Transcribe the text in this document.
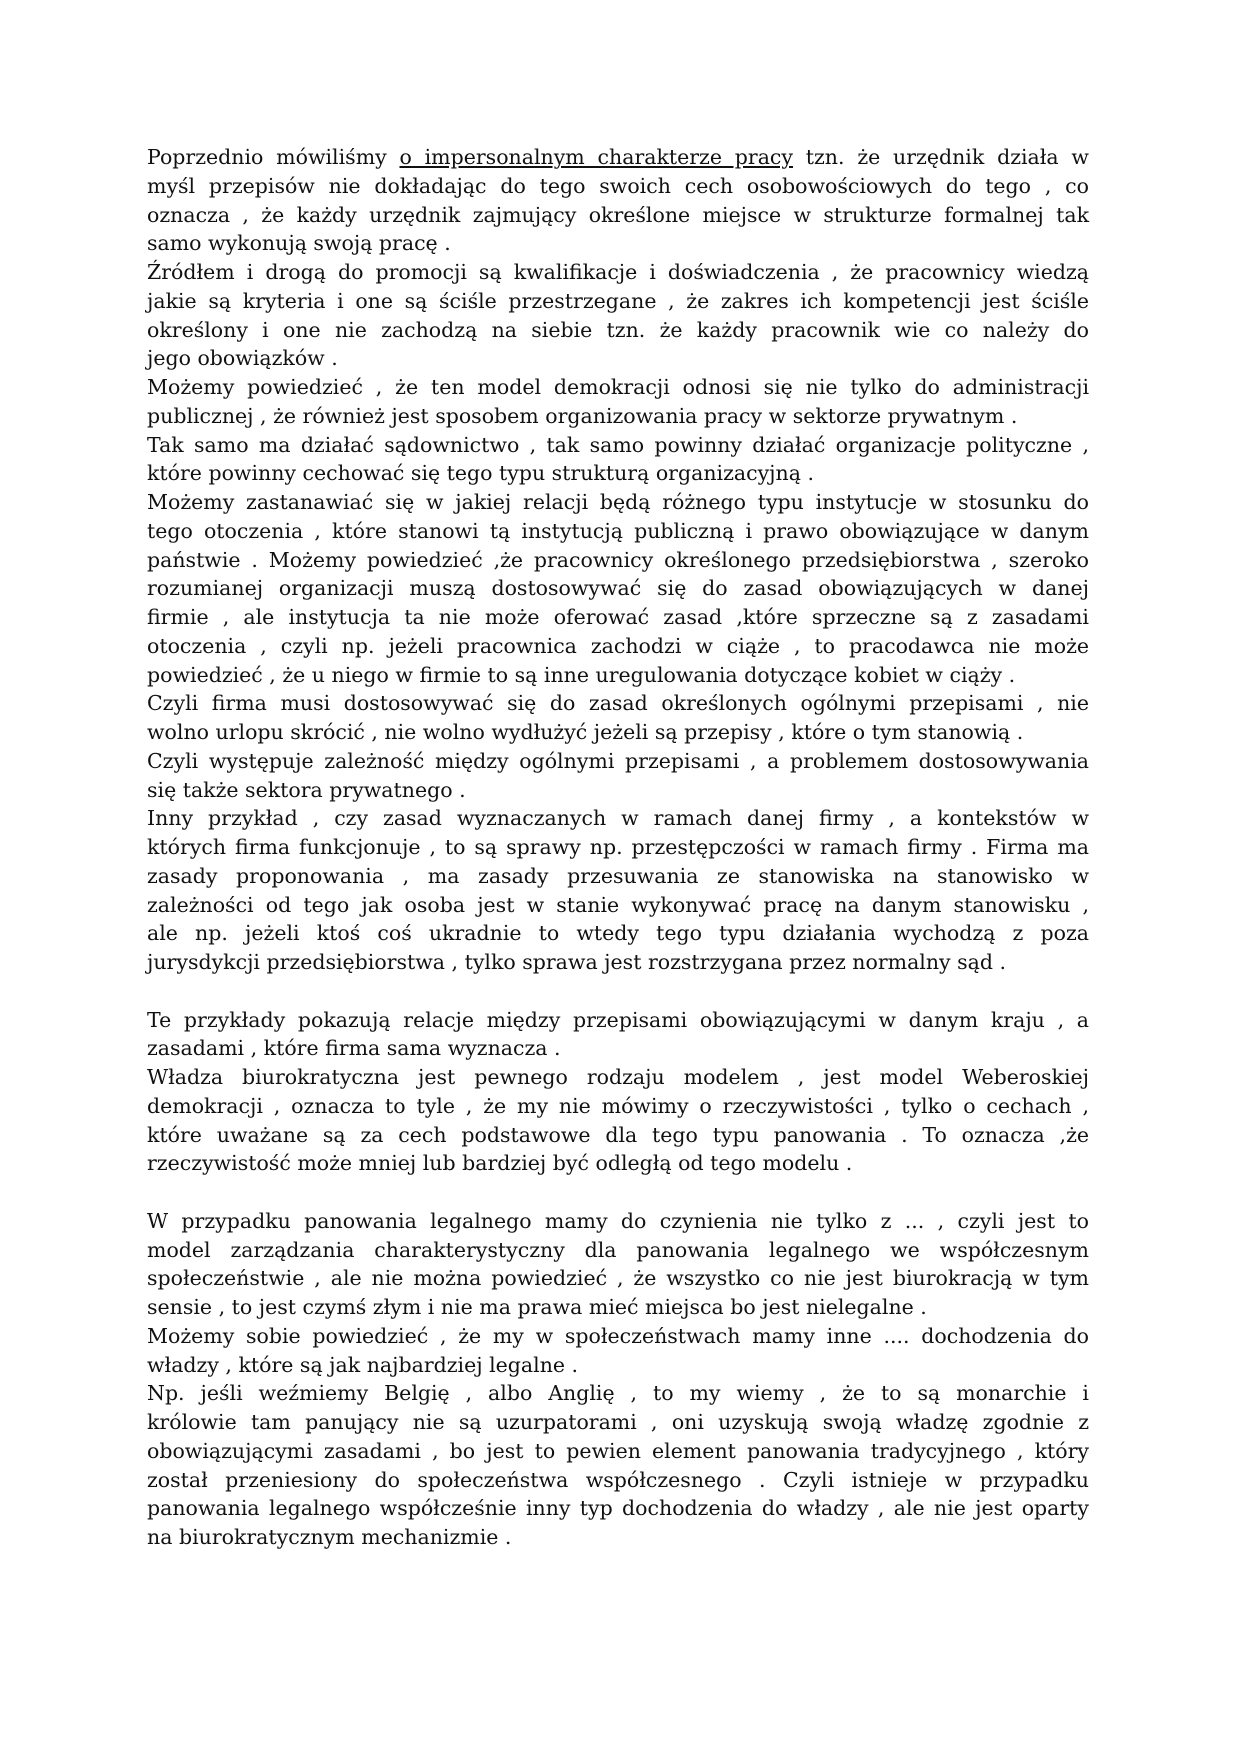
Poprzednio mówiliśmy o impersonalnym charakterze pracy tzn. że urzędnik działa w
myśl przepisów nie dokładając do tego swoich cech osobowościowych do tego , co
oznacza , że każdy urzędnik zajmujący określone miejsce w strukturze formalnej tak
samo wykonują swoją pracę .
Źródłem i drogą do promocji są kwalifikacje i doświadczenia , że pracownicy wiedzą
jakie są kryteria i one są ściśle przestrzegane , że zakres ich kompetencji jest ściśle
określony i one nie zachodzą na siebie tzn. że każdy pracownik wie co należy do
jego obowiązków .
Możemy powiedzieć , że ten model demokracji odnosi się nie tylko do administracji
publicznej , że również jest sposobem organizowania pracy w sektorze prywatnym .
Tak samo ma działać sądownictwo , tak samo powinny działać organizacje polityczne ,
które powinny cechować się tego typu strukturą organizacyjną .
Możemy zastanawiać się w jakiej relacji będą różnego typu instytucje w stosunku do
tego otoczenia , które stanowi tą instytucją publiczną i prawo obowiązujące w danym
państwie . Możemy powiedzieć ,że pracownicy określonego przedsiębiorstwa , szeroko
rozumianej organizacji muszą dostosowywać się do zasad obowiązujących w danej
firmie , ale instytucja ta nie może oferować zasad ,które sprzeczne są z zasadami
otoczenia , czyli np. jeżeli pracownica zachodzi w ciąże , to pracodawca nie może
powiedzieć , że u niego w firmie to są inne uregulowania dotyczące kobiet w ciąży .
Czyli firma musi dostosowywać się do zasad określonych ogólnymi przepisami , nie
wolno urlopu skrócić , nie wolno wydłużyć jeżeli są przepisy , które o tym stanowią .
Czyli występuje zależność między ogólnymi przepisami , a problemem dostosowywania
się także sektora prywatnego .
Inny przykład , czy zasad wyznaczanych w ramach danej firmy , a kontekstów w
których firma funkcjonuje , to są sprawy np. przestępczości w ramach firmy . Firma ma
zasady proponowania , ma zasady przesuwania ze stanowiska na stanowisko w
zależności od tego jak osoba jest w stanie wykonywać pracę na danym stanowisku ,
ale np. jeżeli ktoś coś ukradnie to wtedy tego typu działania wychodzą z poza
jurysdykcji przedsiębiorstwa , tylko sprawa jest rozstrzygana przez normalny sąd .
Te przykłady pokazują relacje między przepisami obowiązującymi w danym kraju , a
zasadami , które firma sama wyznacza .
Władza biurokratyczna jest pewnego rodzaju modelem , jest model Weberoskiej
demokracji , oznacza to tyle , że my nie mówimy o rzeczywistości , tylko o cechach ,
które uważane są za cech podstawowe dla tego typu panowania . To oznacza ,że
rzeczywistość może mniej lub bardziej być odległą od tego modelu .
W przypadku panowania legalnego mamy do czynienia nie tylko z ... , czyli jest to
model zarządzania charakterystyczny dla panowania legalnego we współczesnym
społeczeństwie , ale nie można powiedzieć , że wszystko co nie jest biurokracją w tym
sensie , to jest czymś złym i nie ma prawa mieć miejsca bo jest nielegalne .
Możemy sobie powiedzieć , że my w społeczeństwach mamy inne .... dochodzenia do
władzy , które są jak najbardziej legalne .
Np. jeśli weźmiemy Belgię , albo Anglię , to my wiemy , że to są monarchie i
królowie tam panujący nie są uzurpatorami , oni uzyskują swoją władzę zgodnie z
obowiązującymi zasadami , bo jest to pewien element panowania tradycyjnego , który
został przeniesiony do społeczeństwa współczesnego . Czyli istnieje w przypadku
panowania legalnego współcześnie inny typ dochodzenia do władzy , ale nie jest oparty
na biurokratycznym mechanizmie .
